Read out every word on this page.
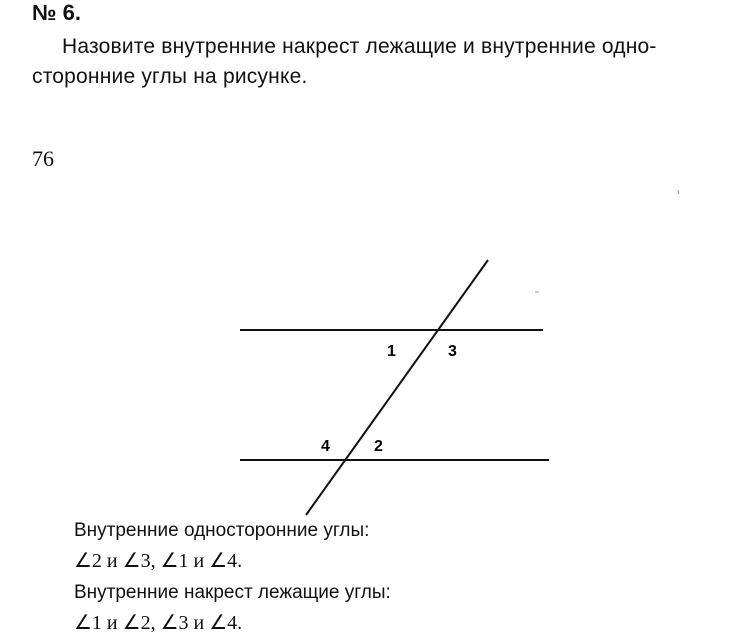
№ 6.
Назовите внутренние накрест лежащие и внутренние одно-
сторонние углы на рисунке.
76
1	3
4	2
Внутренние односторонние углы:
∠2 и ∠3, ∠1 и ∠4.
Внутренние накрест лежащие углы:
∠1 и ∠2, ∠3 и ∠4.
